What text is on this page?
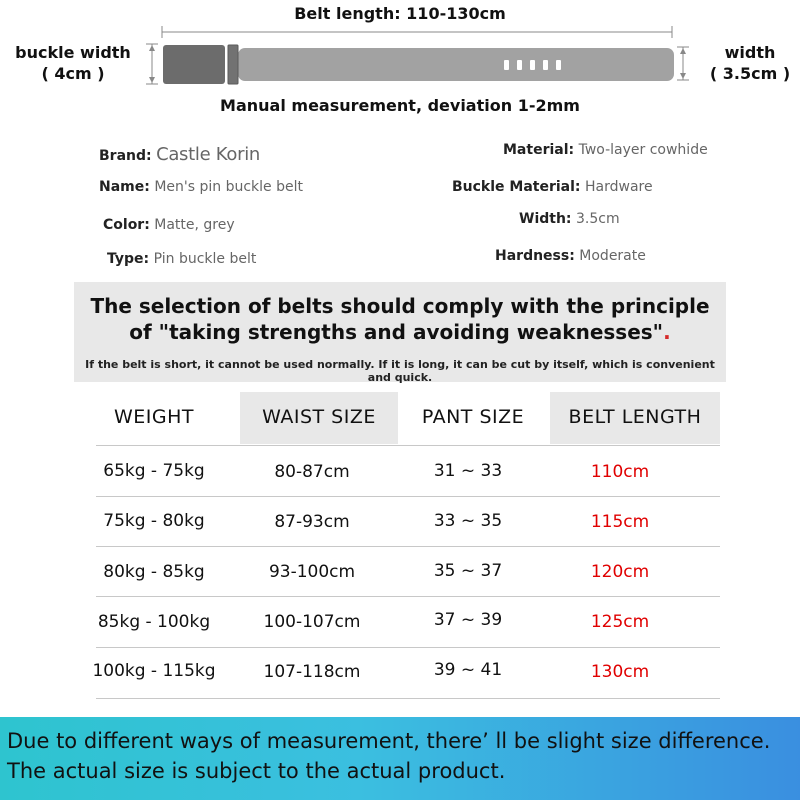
Belt length: 110-130cm
buckle width
( 4cm )
width
( 3.5cm )
Manual measurement, deviation 1-2mm
Brand: Castle Korin
Name: Men's pin buckle belt
Color: Matte, grey
Type: Pin buckle belt
Material: Two-layer cowhide
Buckle Material: Hardware
Width: 3.5cm
Hardness: Moderate
The selection of belts should comply with the principle
of "taking strengths and avoiding weaknesses".
If the belt is short, it cannot be used normally. If it is long, it can be cut by itself, which is convenient and quick.
WEIGHT	WAIST SIZE	PANT SIZE	BELT LENGTH
65kg - 75kg	80-87cm	31 ~ 33	110cm
75kg - 80kg	87-93cm	33 ~ 35	115cm
80kg - 85kg	93-100cm	35 ~ 37	120cm
85kg - 100kg	100-107cm	37 ~ 39	125cm
100kg - 115kg	107-118cm	39 ~ 41	130cm
Due to different ways of measurement, there’ ll be slight size difference.
The actual size is subject to the actual product.
